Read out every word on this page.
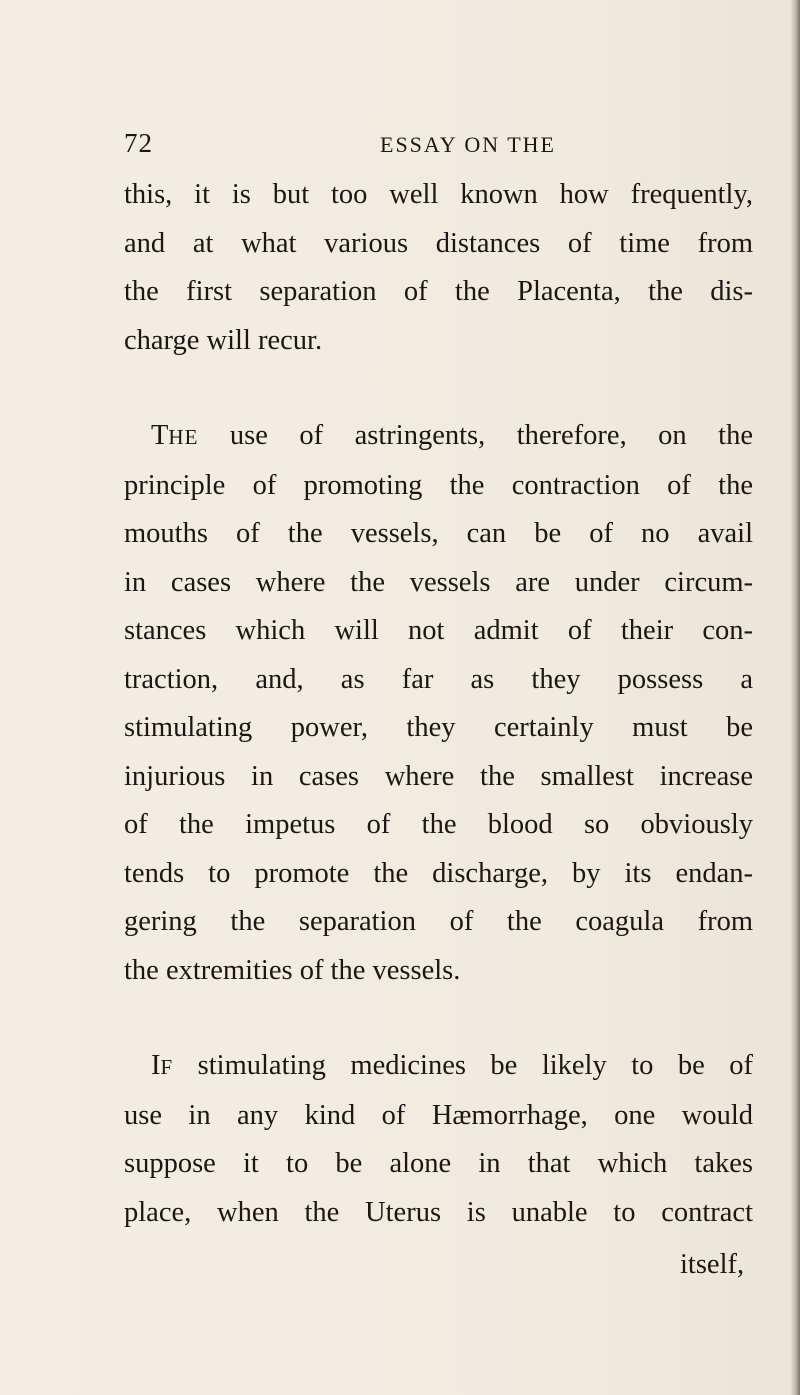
72	ESSAY ON THE

this, it is but too well known how frequently,
and at what various distances of time from
the first separation of the Placenta, the dis-
charge will recur.

THE use of astringents, therefore, on the
principle of promoting the contraction of the
mouths of the vessels, can be of no avail
in cases where the vessels are under circum-
stances which will not admit of their con-
traction, and, as far as they possess a
stimulating power, they certainly must be
injurious in cases where the smallest increase
of the impetus of the blood so obviously
tends to promote the discharge, by its endan-
gering the separation of the coagula from
the extremities of the vessels.

IF stimulating medicines be likely to be of
use in any kind of Hæmorrhage, one would
suppose it to be alone in that which takes
place, when the Uterus is unable to contract

itself,
